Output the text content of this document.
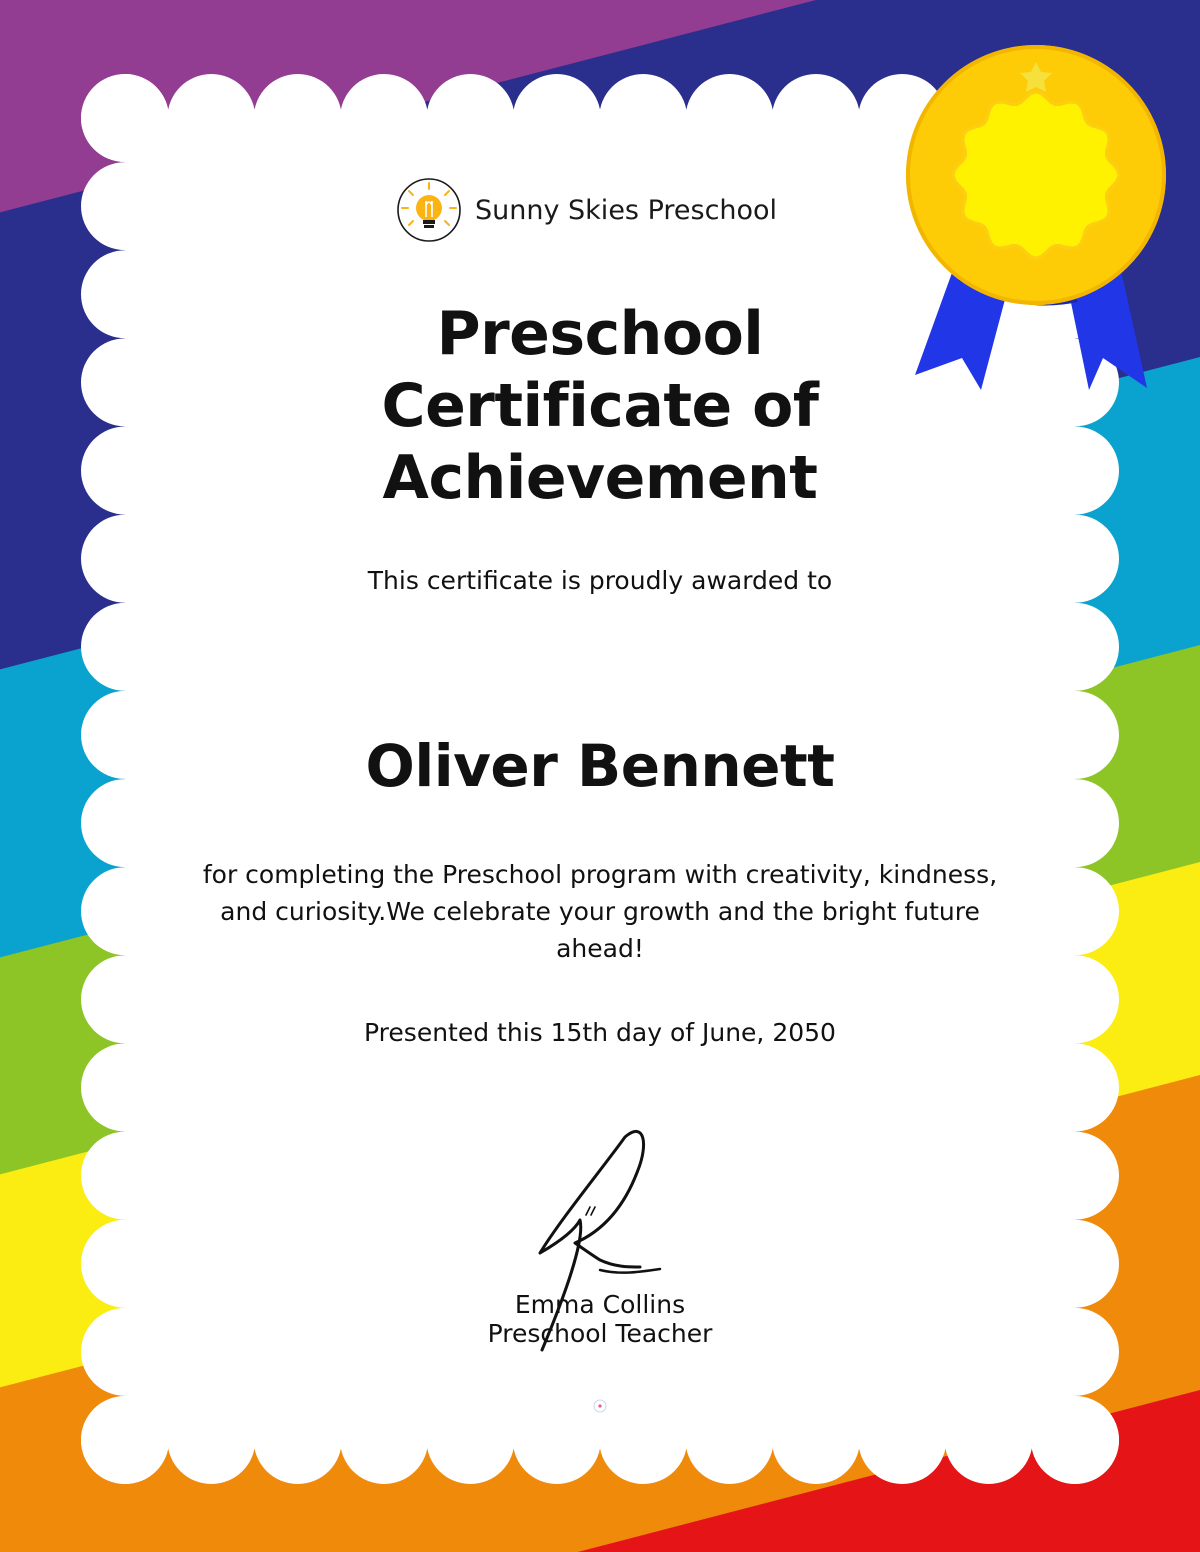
Sunny Skies Preschool
Preschool
Certificate of
Achievement
This certificate is proudly awarded to
Oliver Bennett
for completing the Preschool program with creativity, kindness, and curiosity.We celebrate your growth and the bright future ahead!
Presented this 15th day of June, 2050
Emma Collins
Preschool Teacher
